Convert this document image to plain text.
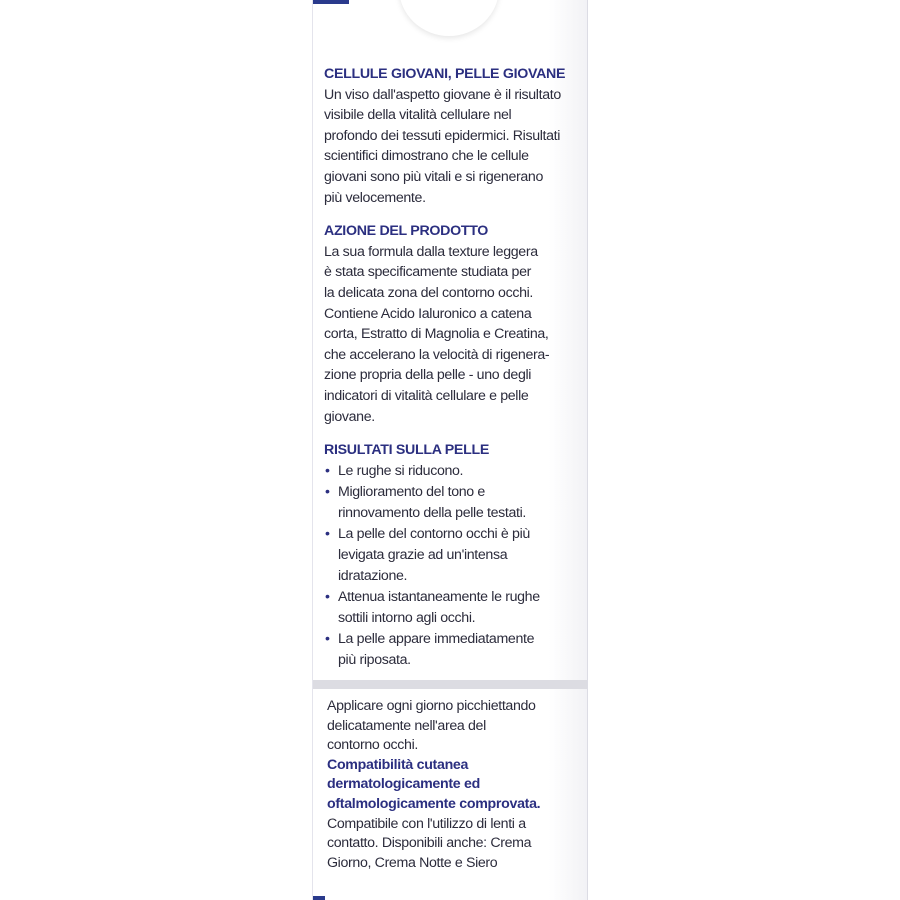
CELLULE GIOVANI, PELLE GIOVANE

Un viso dall'aspetto giovane è il risultato
visibile della vitalità cellulare nel
profondo dei tessuti epidermici. Risultati
scientifici dimostrano che le cellule
giovani sono più vitali e si rigenerano
più velocemente.

AZIONE DEL PRODOTTO

La sua formula dalla texture leggera
è stata specificamente studiata per
la delicata zona del contorno occhi.
Contiene Acido Ialuronico a catena
corta, Estratto di Magnolia e Creatina,
che accelerano la velocità di rigenera-
zione propria della pelle - uno degli
indicatori di vitalità cellulare e pelle
giovane.

RISULTATI SULLA PELLE

• Le rughe si riducono.
• Miglioramento del tono e
rinnovamento della pelle testati.
• La pelle del contorno occhi è più
levigata grazie ad un'intensa
idratazione.
• Attenua istantaneamente le rughe
sottili intorno agli occhi.
• La pelle appare immediatamente
più riposata.

Applicare ogni giorno picchiettando
delicatamente nell'area del
contorno occhi.

Compatibilità cutanea
dermatologicamente ed
oftalmologicamente comprovata.

Compatibile con l'utilizzo di lenti a
contatto. Disponibili anche: Crema
Giorno, Crema Notte e Siero
